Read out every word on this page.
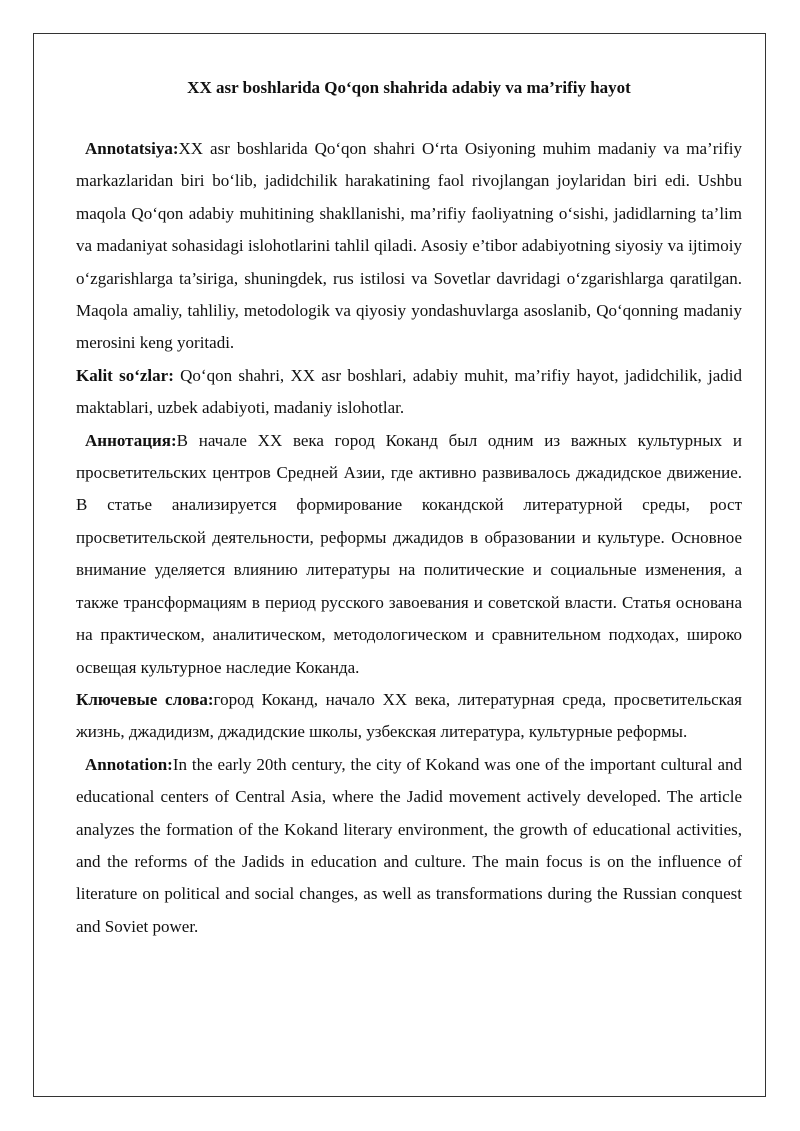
XX asr boshlarida Qo‘qon shahrida adabiy va ma’rifiy hayot

Annotatsiya:XX asr boshlarida Qo‘qon shahri O‘rta Osiyoning muhim madaniy va ma’rifiy markazlaridan biri bo‘lib, jadidchilik harakatining faol rivojlangan joylaridan biri edi. Ushbu maqola Qo‘qon adabiy muhitining shakllanishi, ma’rifiy faoliyatning o‘sishi, jadidlarning ta’lim va madaniyat sohasidagi islohotlarini tahlil qiladi. Asosiy e’tibor adabiyotning siyosiy va ijtimoiy o‘zgarishlarga ta’siriga, shuningdek, rus istilosi va Sovetlar davridagi o‘zgarishlarga qaratilgan. Maqola amaliy, tahliliy, metodologik va qiyosiy yondashuvlarga asoslanib, Qo‘qonning madaniy merosini keng yoritadi.

Kalit so‘zlar: Qo‘qon shahri, XX asr boshlari, adabiy muhit, ma’rifiy hayot, jadidchilik, jadid maktablari, uzbek adabiyoti, madaniy islohotlar.

Аннотация:В начале XX века город Коканд был одним из важных культурных и просветительских центров Средней Азии, где активно развивалось джадидское движение. В статье анализируется формирование кокандской литературной среды, рост просветительской деятельности, реформы джадидов в образовании и культуре. Основное внимание уделяется влиянию литературы на политические и социальные изменения, а также трансформациям в период русского завоевания и советской власти. Статья основана на практическом, аналитическом, методологическом и сравнительном подходах, широко освещая культурное наследие Коканда.

Ключевые слова:город Коканд, начало XX века, литературная среда, просветительская жизнь, джадидизм, джадидские школы, узбекская литература, культурные реформы.

Annotation:In the early 20th century, the city of Kokand was one of the important cultural and educational centers of Central Asia, where the Jadid movement actively developed. The article analyzes the formation of the Kokand literary environment, the growth of educational activities, and the reforms of the Jadids in education and culture. The main focus is on the influence of literature on political and social changes, as well as transformations during the Russian conquest and Soviet power.
